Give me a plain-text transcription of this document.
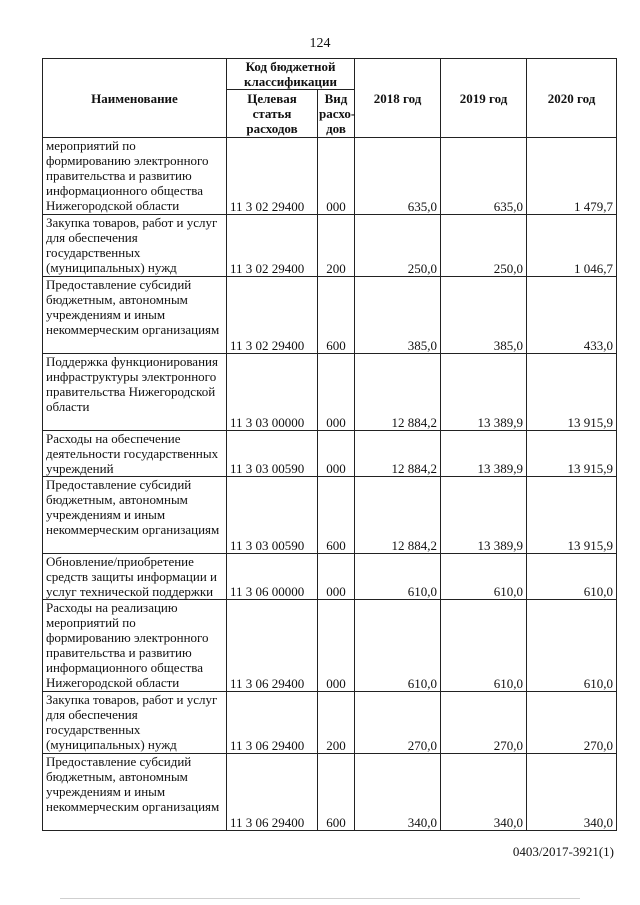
124
Наименование	Код бюджетной классификации		2018 год	2019 год	2020 год
	Целевая статья расходов	Вид расхо-дов			
мероприятий по формированию электронного правительства и развитию информационного общества Нижегородской области	11 3 02 29400	000	635,0	635,0	1 479,7
Закупка товаров, работ и услуг для обеспечения государственных (муниципальных) нужд	11 3 02 29400	200	250,0	250,0	1 046,7
Предоставление субсидий бюджетным, автономным учреждениям и иным некоммерческим организациям	11 3 02 29400	600	385,0	385,0	433,0
Поддержка функционирования инфраструктуры электронного правительства Нижегородской области	11 3 03 00000	000	12 884,2	13 389,9	13 915,9
Расходы на обеспечение деятельности государственных учреждений	11 3 03 00590	000	12 884,2	13 389,9	13 915,9
Предоставление субсидий бюджетным, автономным учреждениям и иным некоммерческим организациям	11 3 03 00590	600	12 884,2	13 389,9	13 915,9
Обновление/приобретение средств защиты информации и услуг технической поддержки	11 3 06 00000	000	610,0	610,0	610,0
Расходы на реализацию мероприятий по формированию электронного правительства и развитию информационного общества Нижегородской области	11 3 06 29400	000	610,0	610,0	610,0
Закупка товаров, работ и услуг для обеспечения государственных (муниципальных) нужд	11 3 06 29400	200	270,0	270,0	270,0
Предоставление субсидий бюджетным, автономным учреждениям и иным некоммерческим организациям	11 3 06 29400	600	340,0	340,0	340,0
0403/2017-3921(1)
